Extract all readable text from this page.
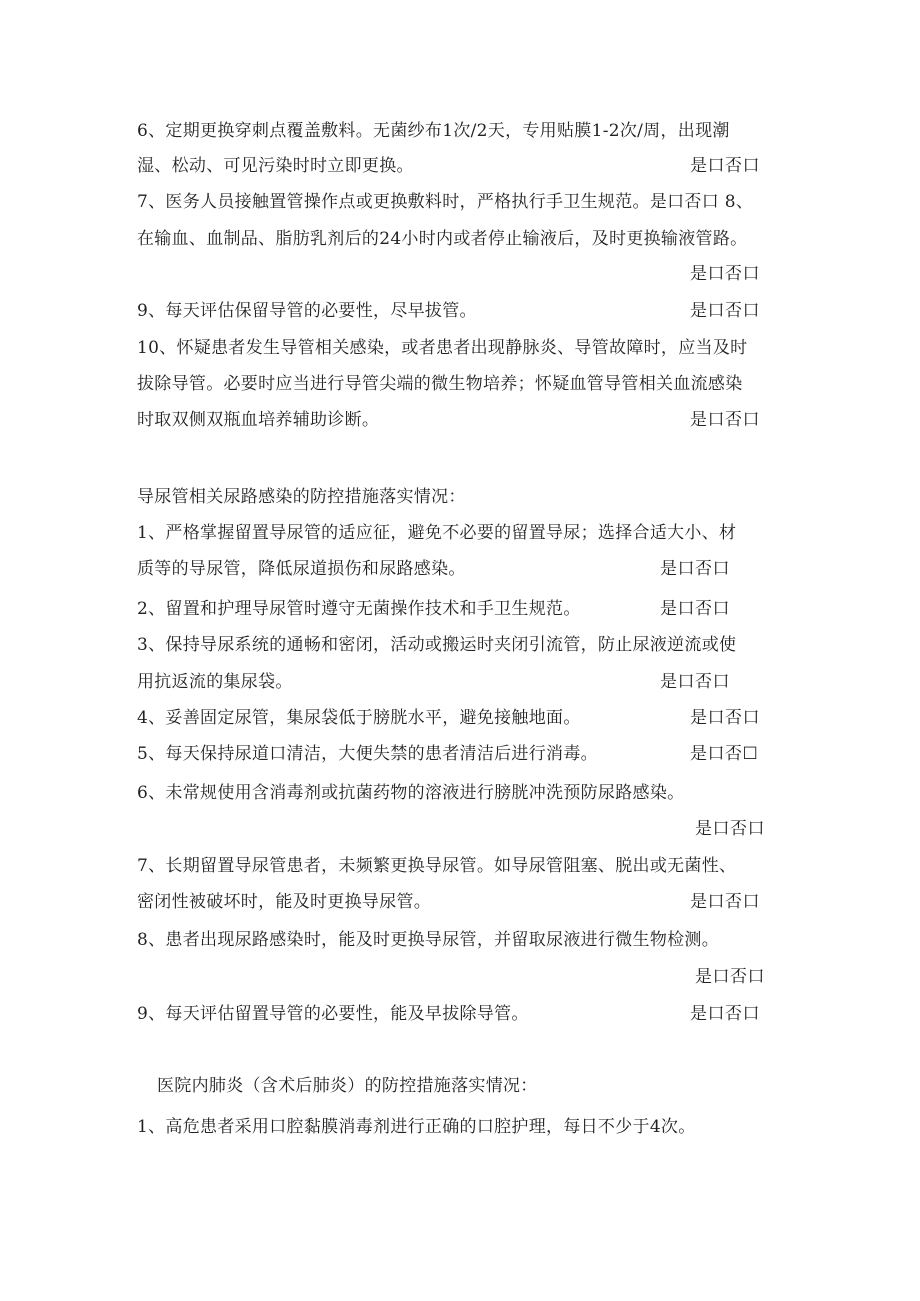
6、定期更换穿刺点覆盖敷料。无菌纱布1次/2天，专用贴膜1-2次/周，出现潮
湿、松动、可见污染时时立即更换。	是口否口
7、医务人员接触置管操作点或更换敷料时，严格执行手卫生规范。是口否口 8、
在输血、血制品、脂肪乳剂后的24小时内或者停止输液后，及时更换输液管路。
是口否口
9、每天评估保留导管的必要性，尽早拔管。	是口否口
10、怀疑患者发生导管相关感染，或者患者出现静脉炎、导管故障时，应当及时
拔除导管。必要时应当进行导管尖端的微生物培养；怀疑血管导管相关血流感染
时取双侧双瓶血培养辅助诊断。	是口否口
导尿管相关尿路感染的防控措施落实情况：
1、严格掌握留置导尿管的适应征，避免不必要的留置导尿；选择合适大小、材
质等的导尿管，降低尿道损伤和尿路感染。	是口否口
2、留置和护理导尿管时遵守无菌操作技术和手卫生规范。	是口否口
3、保持导尿系统的通畅和密闭，活动或搬运时夹闭引流管，防止尿液逆流或使
用抗返流的集尿袋。	是口否口
4、妥善固定尿管，集尿袋低于膀胱水平，避免接触地面。	是口否口
5、每天保持尿道口清洁，大便失禁的患者清洁后进行消毒。	是口否☐
6、未常规使用含消毒剂或抗菌药物的溶液进行膀胱冲洗预防尿路感染。
是口否口
7、长期留置导尿管患者，未频繁更换导尿管。如导尿管阻塞、脱出或无菌性、
密闭性被破坏时，能及时更换导尿管。	是口否口
8、患者出现尿路感染时，能及时更换导尿管，并留取尿液进行微生物检测。
是口否口
9、每天评估留置导管的必要性，能及早拔除导管。	是口否口
医院内肺炎（含术后肺炎）的防控措施落实情况：
1、高危患者采用口腔黏膜消毒剂进行正确的口腔护理，每日不少于4次。
